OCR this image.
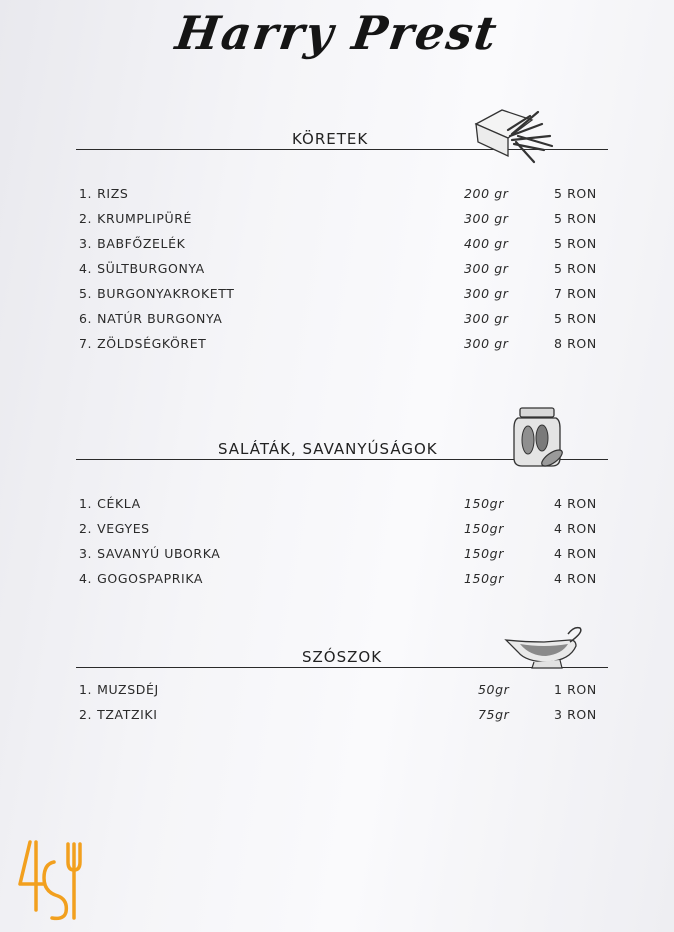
Harry Prest
KÖRETEK
1. RIZS	200 gr	5 RON
2. KRUMPLIPÜRÉ	300 gr	5 RON
3. BABFŐZELÉK	400 gr	5 RON
4. SÜLTBURGONYA	300 gr	5 RON
5. BURGONYAKROKETT	300 gr	7 RON
6. NATÚR BURGONYA	300 gr	5 RON
7. ZÖLDSÉGKÖRET	300 gr	8 RON
SALÁTÁK, SAVANYÚSÁGOK
1. CÉKLA	150gr	4 RON
2. VEGYES	150gr	4 RON
3. SAVANYÚ UBORKA	150gr	4 RON
4. GOGOSPAPRIKA	150gr	4 RON
SZÓSZOK
1. MUZSDÉJ	50gr	1 RON
2. TZATZIKI	75gr	3 RON
